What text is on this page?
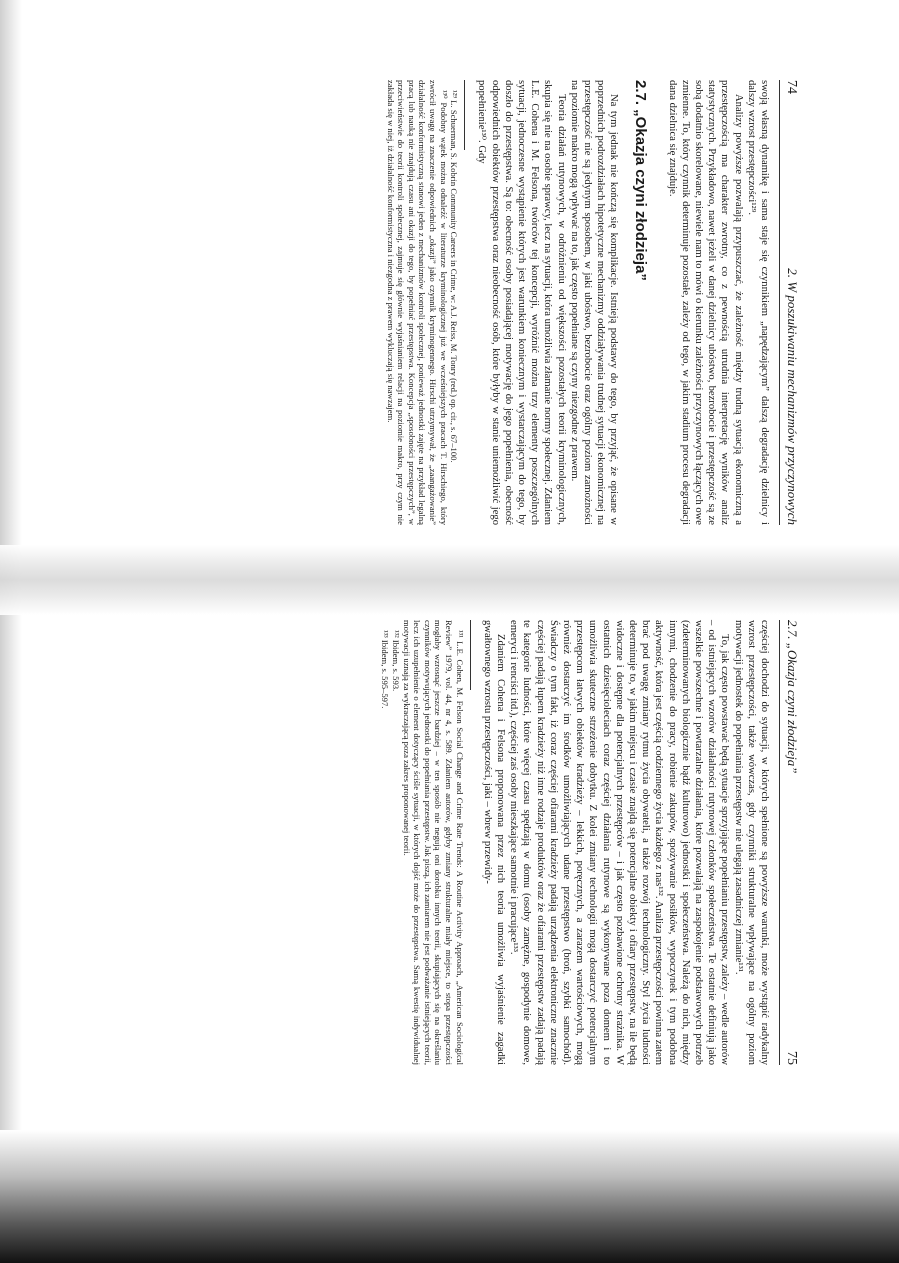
74
2. W poszukiwaniu mechanizmów przyczynowych

swoją własną dynamikę i sama staje się czynnikiem „napędzającym” dalszą degradację dzielnicy i dalszy wzrost przestępczości¹²⁹.

Analizy powyższe pozwalają przypuszczać, że zależność między trudną sytuacją ekonomiczną a przestępczością ma charakter zwrotny, co z pewnością utrudnia interpretację wyników analiz statystycznych. Przykładowo, nawet jeżeli w danej dzielnicy ubóstwo, bezrobocie i przestępczość są ze sobą dodatnio skorelowane, niewiele nam to mówi o kierunku zależności przyczynowych łączących owe zmienne. To, który czynnik determinuje pozostałe, zależy od tego, w jakim stadium procesu degradacji dana dzielnica się znajduje.

2.7. „Okazja czyni złodzieja”

Na tym jednak nie kończą się komplikacje. Istnieją podstawy do tego, by przyjąć, że opisane w poprzednich podrozdziałach hipotetyczne mechanizmy oddziaływania trudnej sytuacji ekonomicznej na przestępczość nie są jedynym sposobem, w jaki ubóstwo, bezrobocie oraz ogólny poziom zamożności na poziomie makro mogą wpływać na to, jak często popełniane są czyny niezgodne z prawem.

Teoria działań rutynowych, w odróżnieniu od większości pozostałych teorii kryminologicznych, skupia się nie na osobie sprawcy, lecz na sytuacji, która umożliwia złamanie normy społecznej. Zdaniem L.E. Cohena i M. Felsona, twórców tej koncepcji, wyróżnić można trzy elementy poszczególnych sytuacji, jednoczesne wystąpienie których jest warunkiem koniecznym i wystarczającym do tego, by doszło do przestępstwa. Są to: obecność osoby posiadającej motywację do jego popełnienia, obecność odpowiednich obiektów przestępstwa oraz nieobecność osób, które byłyby w stanie uniemożliwić jego popełnienie¹³⁰. Gdy

¹²⁹ L. Schuerman, S. Kobrin Community Careers in Crime, w: A.J. Reiss, M. Tonry (red.) op. cit., s. 67–100.

¹³⁰ Podobny wątek można odnaleźć w literaturze kryminologicznej już we wcześniejszych pracach T. Hirschiego, który zwrócił uwagę na znaczenie odpowiednich „okazji” jako czynnik kryminogennego. Hirschi utrzymywał, że „zaangażowanie” działalność konformistyczną stanowi jeden z mechanizmów kontroli społecznej, ponieważ jednostki zajęte na przykład legalną pracą lub nauką nie znajdują czasu ani okazji do tego, by popełniać przestępstwa. Koncepcja „sposobności przestępczych”, w przeciwieństwie do teorii kontroli społecznej, zajmuje się głównie wyjaśnianiem relacji na poziomie makro, przy czym nie zakłada się w niej, iż działalność konformistyczna i niezgodna z prawem wykluczają się nawzajem.

2.7. „Okazja czyni złodzieja”
75

częściej dochodzi do sytuacji, w których spełnione są powyższe warunki, może wystąpić radykalny wzrost przestępczości, także wówczas, gdy czynniki strukturalne wpływające na ogólny poziom motywacji jednostek do popełniania przestępstw nie ulegają zasadniczej zmianie¹³¹.

To, jak często powstawać będą sytuacje sprzyjające popełnianiu przestępstw, zależy – wedle autorów – od istniejących wzorów działalności rutynowej członków społeczeństwa. Te ostatnie definiują jako wszelkie powszechne i powtarzalne działania, które pozwalają na zaspokojenie podstawowych potrzeb (zdeterminowanych biologicznie bądź kulturowo) jednostki i społeczeństwa. Należą do nich, między innymi, chodzenie do pracy, robienie zakupów, spożywanie posiłków, wypoczynek i tym podobna aktywność, która jest częścią codziennego życia każdego z nas¹³². Analiza przestępczości powinna zatem brać pod uwagę zmiany rytmu życia obywateli, a także rozwój technologiczny. Styl życia ludności determinuje to, w jakim miejscu i czasie znajdą się potencjalne obiekty i ofiary przestępstw, na ile będą widoczne i dostępne dla potencjalnych przestępców – i jak często pozbawione ochrony strażnika. W ostatnich dziesięcioleciach coraz częściej działania rutynowe są wykonywane poza domem i to umożliwia skuteczne strzeżenie dobytku. Z kolei zmiany technologii mogą dostarczyć potencjalnym przestępcom łatwych obiektów kradzieży – lekkich, poręcznych, a zarazem wartościowych, mogą również dostarczyć im środków umożliwiających udane przestępstwo (broń, szybki samochód). Świadczy o tym fakt, iż coraz częściej ofiarami kradzieży padają urządzenia elektroniczne znacznie częściej padają łupem kradzieży niż inne rodzaje produktów oraz że ofiarami przestępstw zadają padają te kategorie ludności, które więcej czasu spędzają w domu (osoby zamężne, gospodynie domowe, emeryci i renciści itd.), częściej zaś osoby mieszkające samotnie i pracujące¹³³.

Zdaniem Cohena i Felsona proponowana przez nich teoria umożliwia wyjaśnienie zagadki gwałtownego wzrostu przestępczości, jaki – wbrew przewidy-

¹³¹ L.E. Cohen, M. Felson Social Change and Crime Rate Trends: A Routine Activity Approach, „American Sociological Review” 1979, vol. 44, nr 4, s. 589. Zdaniem autorów, gdyby zmiany strukturalne miały miejsce, to stopa przestępczości mogłaby wzrosnąć jeszcze bardziej – w ten sposób nie negują oni dorobku innych teorii, skupiających się na określaniu czynników motywujących jednostki do popełniania przestępstw. Jak piszą, ich zamiarem nie jest podważanie istniejących teorii, lecz ich uzupełnienie o element dotyczący ściśle sytuacji, w których dojść może do przestępstwa. Samą kwestię indywidualnej motywacji uznają za wykraczającą poza zakres proponowanej teorii.

¹³² Ibidem, s. 593.

¹³³ Ibidem, s. 595–597.
